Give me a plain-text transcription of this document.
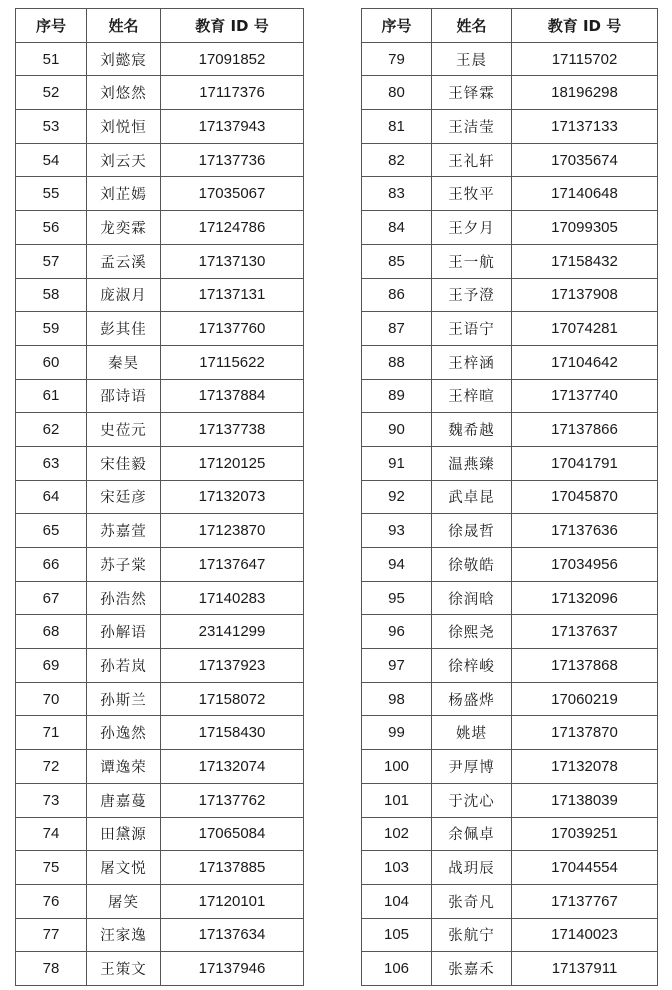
序号	姓名	教育 ID 号
51	刘懿宸	17091852
52	刘悠然	17117376
53	刘悦恒	17137943
54	刘云天	17137736
55	刘芷嫣	17035067
56	龙奕霖	17124786
57	孟云溪	17137130
58	庞淑月	17137131
59	彭其佳	17137760
60	秦昊	17115622
61	邵诗语	17137884
62	史莅元	17137738
63	宋佳毅	17120125
64	宋廷彦	17132073
65	苏嘉萱	17123870
66	苏子棠	17137647
67	孙浩然	17140283
68	孙解语	23141299
69	孙若岚	17137923
70	孙斯兰	17158072
71	孙逸然	17158430
72	谭逸荣	17132074
73	唐嘉蔓	17137762
74	田黛源	17065084
75	屠文悦	17137885
76	屠笑	17120101
77	汪家逸	17137634
78	王策文	17137946
序号	姓名	教育 ID 号
79	王晨	17115702
80	王铎霖	18196298
81	王洁莹	17137133
82	王礼轩	17035674
83	王牧平	17140648
84	王夕月	17099305
85	王一航	17158432
86	王予澄	17137908
87	王语宁	17074281
88	王梓涵	17104642
89	王梓暄	17137740
90	魏希越	17137866
91	温燕臻	17041791
92	武卓昆	17045870
93	徐晟哲	17137636
94	徐敬皓	17034956
95	徐润晗	17132096
96	徐熙尧	17137637
97	徐梓峻	17137868
98	杨盛烨	17060219
99	姚堪	17137870
100	尹厚博	17132078
101	于沈心	17138039
102	余佩卓	17039251
103	战玥辰	17044554
104	张奇凡	17137767
105	张航宁	17140023
106	张嘉禾	17137911
